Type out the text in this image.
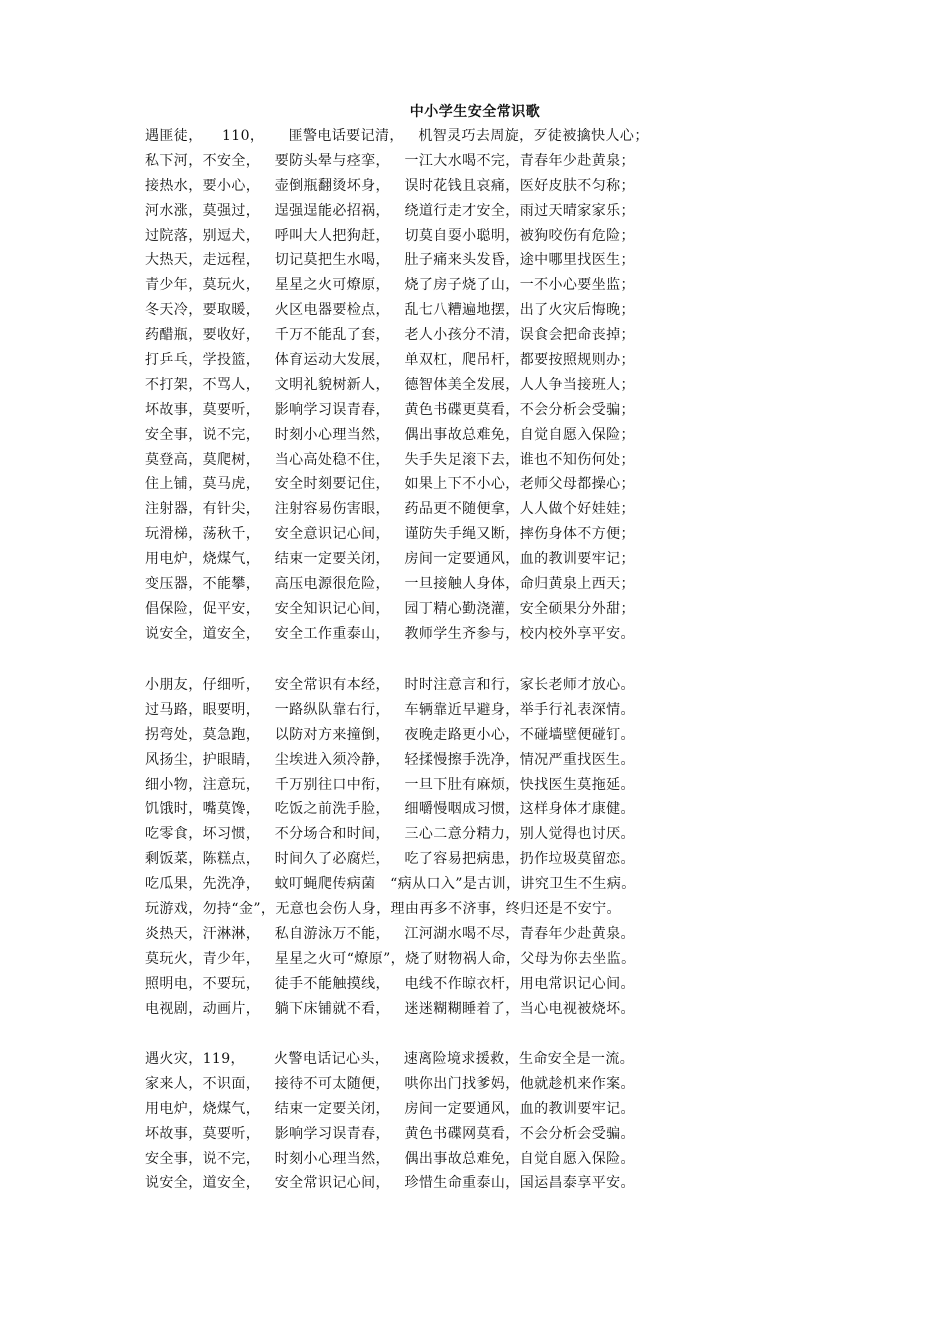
中小学生安全常识歌
遇匪徒，    110，     匪警电话要记清，   机智灵巧去周旋，歹徒被擒快人心；
私下河，不安全，   要防头晕与痉挛，   一江大水喝不完，青春年少赴黄泉；
接热水，要小心，   壶倒瓶翻烫坏身，   误时花钱且哀痛，医好皮肤不匀称；
河水涨，莫强过，   逞强逞能必招祸，   绕道行走才安全，雨过天晴家家乐；
过院落，别逗犬，   呼叫大人把狗赶，   切莫自耍小聪明，被狗咬伤有危险；
大热天，走远程，   切记莫把生水喝，   肚子痛来头发昏，途中哪里找医生；
青少年，莫玩火，   星星之火可燎原，   烧了房子烧了山，一不小心要坐监；
冬天冷，要取暖，   火区电器要检点，   乱七八糟遍地摆，出了火灾后悔晚；
药醋瓶，要收好，   千万不能乱了套，   老人小孩分不清，误食会把命丧掉；
打乒乓，学投篮，   体育运动大发展，   单双杠，爬吊杆，都要按照规则办；
不打架，不骂人，   文明礼貌树新人，   德智体美全发展，人人争当接班人；
坏故事，莫要听，   影响学习误青春，   黄色书碟更莫看，不会分析会受骗；
安全事，说不完，   时刻小心理当然，   偶出事故总难免，自觉自愿入保险；
莫登高，莫爬树，   当心高处稳不住，   失手失足滚下去，谁也不知伤何处；
住上铺，莫马虎，   安全时刻要记住，   如果上下不小心，老师父母都操心；
注射器，有针尖，   注射容易伤害眼，   药品更不随便拿，人人做个好娃娃；
玩滑梯，荡秋千，   安全意识记心间，   谨防失手绳又断，摔伤身体不方便；
用电炉，烧煤气，   结束一定要关闭，   房间一定要通风，血的教训要牢记；
变压器，不能攀，   高压电源很危险，   一旦接触人身体，命归黄泉上西天；
倡保险，促平安，   安全知识记心间，   园丁精心勤浇灌，安全硕果分外甜；
说安全，道安全，   安全工作重泰山，   教师学生齐参与，校内校外享平安。
小朋友，仔细听，   安全常识有本经，   时时注意言和行，家长老师才放心。
过马路，眼要明，   一路纵队靠右行，   车辆靠近早避身，举手行礼表深情。
拐弯处，莫急跑，   以防对方来撞倒，   夜晚走路更小心，不碰墙壁便碰钉。
风扬尘，护眼睛，   尘埃进入须冷静，   轻揉慢擦手洗净，情况严重找医生。
细小物，注意玩，   千万别往口中衔，   一旦下肚有麻烦，快找医生莫拖延。
饥饿时，嘴莫馋，   吃饭之前洗手脸，   细嚼慢咽成习惯，这样身体才康健。
吃零食，坏习惯，   不分场合和时间，   三心二意分精力，别人觉得也讨厌。
剩饭菜，陈糕点，   时间久了必腐烂，   吃了容易把病患，扔作垃圾莫留恋。
吃瓜果，先洗净，   蚊叮蝇爬传病菌   “病从口入”是古训，讲究卫生不生病。
玩游戏，勿持“金”，无意也会伤人身，理由再多不济事，终归还是不安宁。
炎热天，汗淋淋，   私自游泳万不能，   江河湖水喝不尽，青春年少赴黄泉。
莫玩火，青少年，   星星之火可“燎原”，烧了财物祸人命，父母为你去坐监。
照明电，不要玩，   徒手不能触摸线，   电线不作晾衣杆，用电常识记心间。
电视剧，动画片，   躺下床铺就不看，   迷迷糊糊睡着了，当心电视被烧坏。
遇火灾，119，      火警电话记心头，   速离险境求援救，生命安全是一流。
家来人，不识面，   接待不可太随便，   哄你出门找爹妈，他就趁机来作案。
用电炉，烧煤气，   结束一定要关闭，   房间一定要通风，血的教训要牢记。
坏故事，莫要听，   影响学习误青春，   黄色书碟网莫看，不会分析会受骗。
安全事，说不完，   时刻小心理当然，   偶出事故总难免，自觉自愿入保险。
说安全，道安全，   安全常识记心间，   珍惜生命重泰山，国运昌泰享平安。
